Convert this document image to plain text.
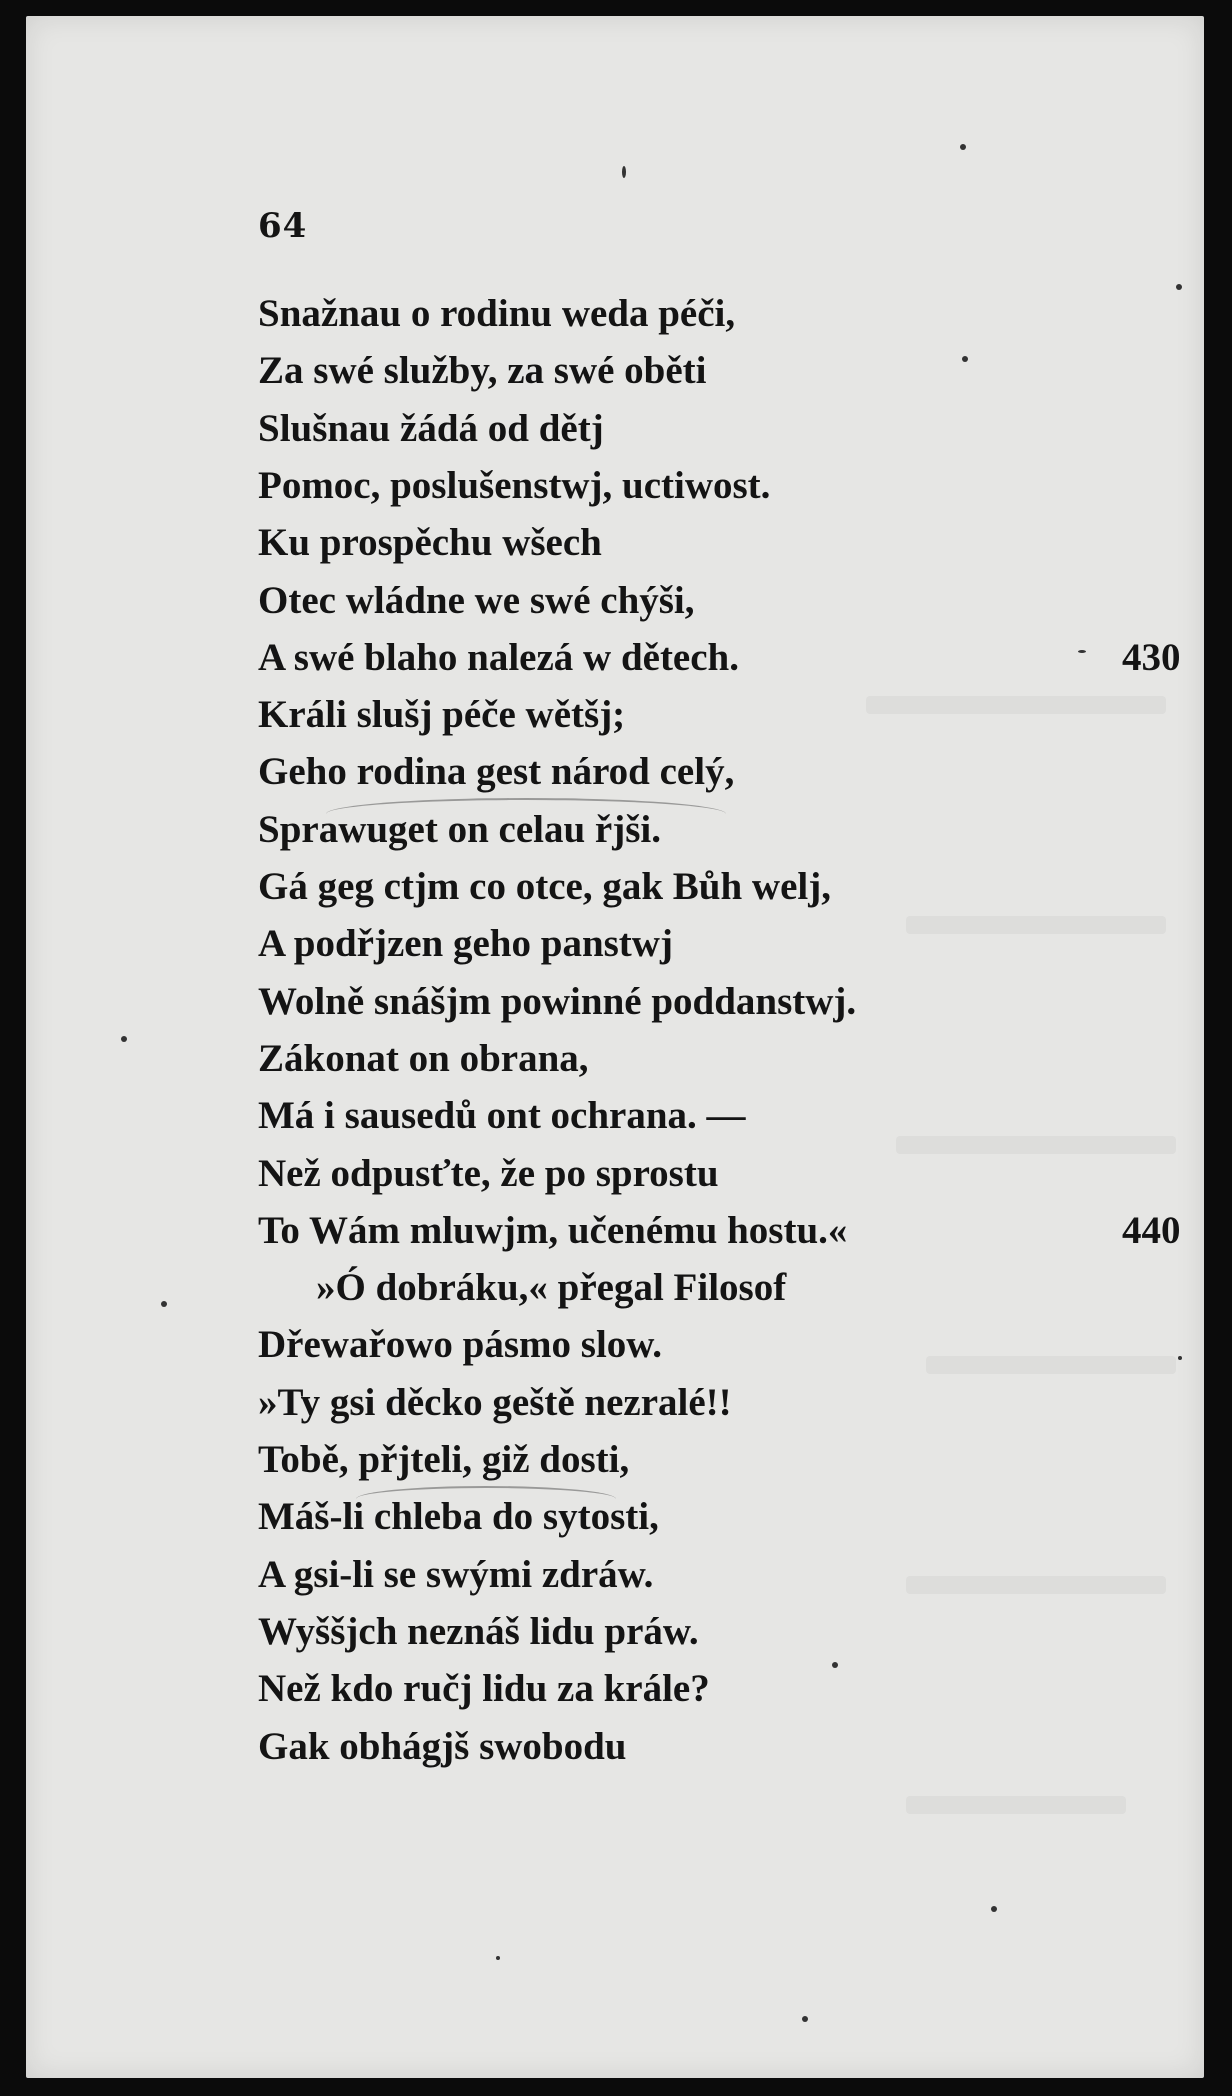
64
Snažnau o rodinu weda péči,
Za swé služby, za swé oběti
Slušnau žádá od dětj
Pomoc, poslušenstwj, uctiwost.
Ku prospěchu wšech
Otec wládne we swé chýši,
A swé blaho nalezá w dětech.
Králi slušj péče wětšj;
Geho rodina gest národ celý,
Sprawuget on celau řjši.
Gá geg ctjm co otce, gak Bůh welj,
A podřjzen geho panstwj
Wolně snášjm powinné poddanstwj.
Zákonat on obrana,
Má i sausedů ont ochrana. —
Než odpusťte, že po sprostu
To Wám mluwjm, učenému hostu.«
»Ó dobráku,« přegal Filosof
Dřewařowo pásmo slow.
»Ty gsi děcko geště nezralé!!
Tobě, přjteli, giž dosti,
Máš-li chleba do sytosti,
A gsi-li se swými zdráw.
Wyššjch neznáš lidu práw.
Než kdo ručj lidu za krále?
Gak obhágjš swobodu
430
440
